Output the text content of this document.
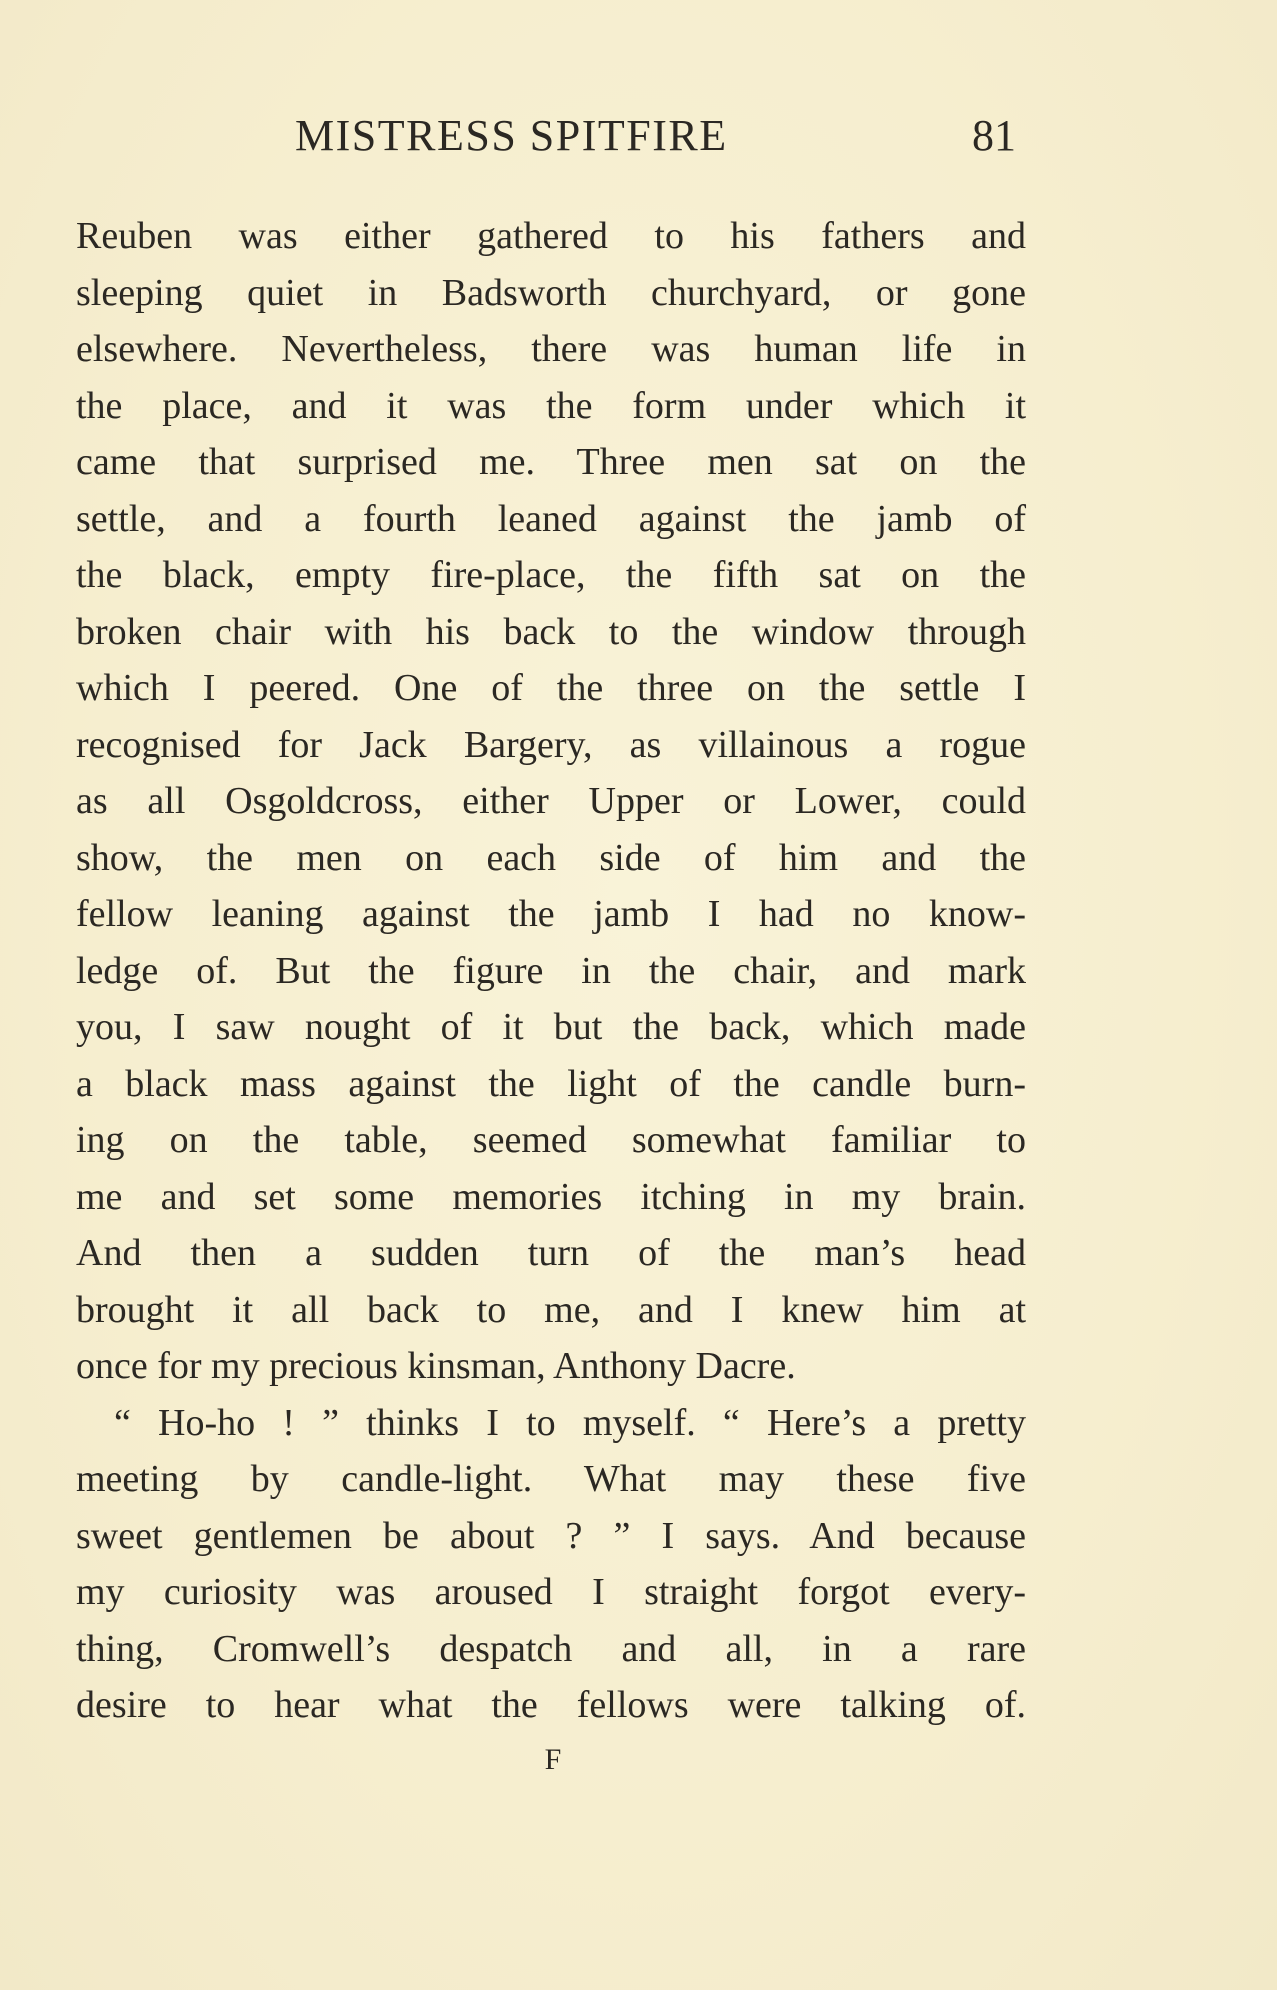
MISTRESS SPITFIRE	81
Reuben was either gathered to his fathers and
sleeping quiet in Badsworth churchyard, or gone
elsewhere. Nevertheless, there was human life in
the place, and it was the form under which it
came that surprised me. Three men sat on the
settle, and a fourth leaned against the jamb of
the black, empty fire-place, the fifth sat on the
broken chair with his back to the window through
which I peered. One of the three on the settle I
recognised for Jack Bargery, as villainous a rogue
as all Osgoldcross, either Upper or Lower, could
show, the men on each side of him and the
fellow leaning against the jamb I had no know-
ledge of. But the figure in the chair, and mark
you, I saw nought of it but the back, which made
a black mass against the light of the candle burn-
ing on the table, seemed somewhat familiar to
me and set some memories itching in my brain.
And then a sudden turn of the man’s head
brought it all back to me, and I knew him at
once for my precious kinsman, Anthony Dacre.
“ Ho-ho ! ” thinks I to myself. “ Here’s a pretty
meeting by candle-light. What may these five
sweet gentlemen be about ? ” I says. And because
my curiosity was aroused I straight forgot every-
thing, Cromwell’s despatch and all, in a rare
desire to hear what the fellows were talking of.
F
